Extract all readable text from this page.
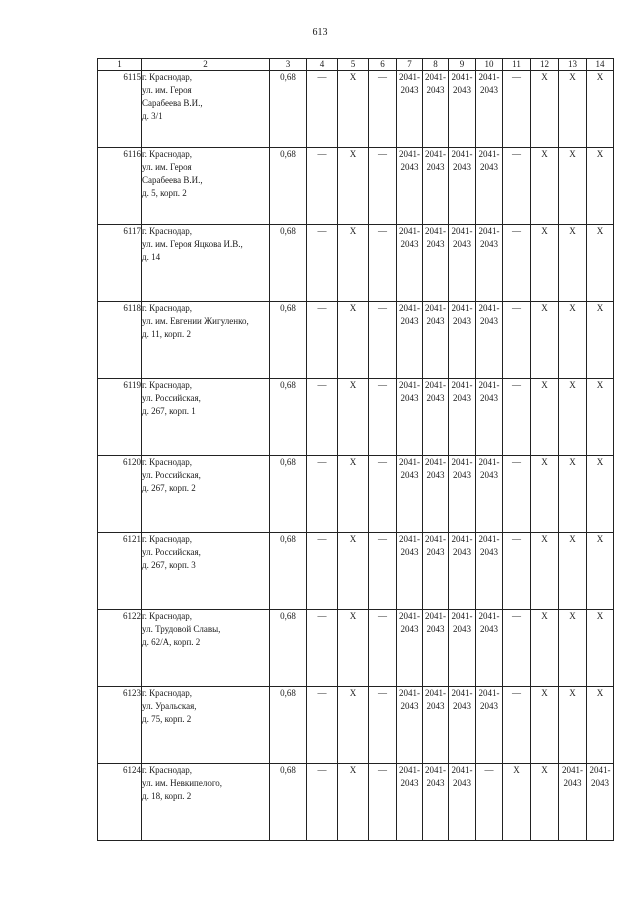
613
1	2	3	4	5	6	7	8	9	10	11	12	13	14
6115	г. Краснодар,
ул. им. Героя
Сарабеева В.И.,
д. 3/1	0,68	—	X	—	2041-
2043	2041-
2043	2041-
2043	2041-
2043	—	X	X	X
6116	г. Краснодар,
ул. им. Героя
Сарабеева В.И.,
д. 5, корп. 2	0,68	—	X	—	2041-
2043	2041-
2043	2041-
2043	2041-
2043	—	X	X	X
6117	г. Краснодар,
ул. им. Героя Яцкова И.В.,
д. 14	0,68	—	X	—	2041-
2043	2041-
2043	2041-
2043	2041-
2043	—	X	X	X
6118	г. Краснодар,
ул. им. Евгении Жигуленко,
д. 11, корп. 2	0,68	—	X	—	2041-
2043	2041-
2043	2041-
2043	2041-
2043	—	X	X	X
6119	г. Краснодар,
ул. Российская,
д. 267, корп. 1	0,68	—	X	—	2041-
2043	2041-
2043	2041-
2043	2041-
2043	—	X	X	X
6120	г. Краснодар,
ул. Российская,
д. 267, корп. 2	0,68	—	X	—	2041-
2043	2041-
2043	2041-
2043	2041-
2043	—	X	X	X
6121	г. Краснодар,
ул. Российская,
д. 267, корп. 3	0,68	—	X	—	2041-
2043	2041-
2043	2041-
2043	2041-
2043	—	X	X	X
6122	г. Краснодар,
ул. Трудовой Славы,
д. 62/А, корп. 2	0,68	—	X	—	2041-
2043	2041-
2043	2041-
2043	2041-
2043	—	X	X	X
6123	г. Краснодар,
ул. Уральская,
д. 75, корп. 2	0,68	—	X	—	2041-
2043	2041-
2043	2041-
2043	2041-
2043	—	X	X	X
6124	г. Краснодар,
ул. им. Невкипелого,
д. 18, корп. 2	0,68	—	X	—	2041-
2043	2041-
2043	2041-
2043	—	X	X	2041-
2043	2041-
2043
